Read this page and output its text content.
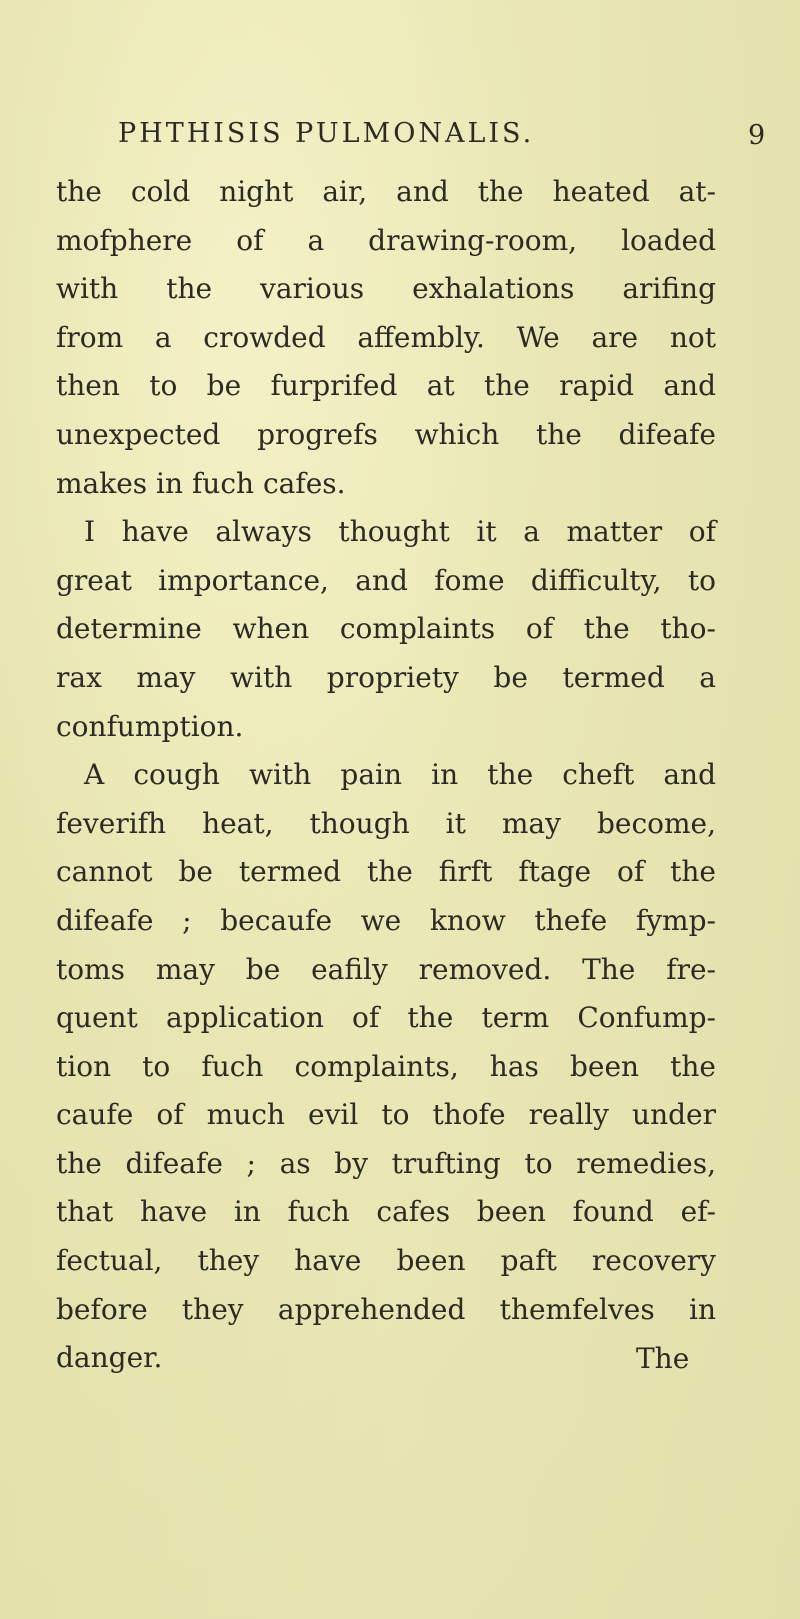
PHTHISIS PULMONALIS.	9
the cold night air, and the heated at-
mofphere of a drawing-room, loaded
with the various exhalations arifing
from a crowded affembly. We are not
then to be furprifed at the rapid and
unexpected progrefs which the difeafe
makes in fuch cafes.
I have always thought it a matter of
great importance, and fome difficulty, to
determine when complaints of the tho-
rax may with propriety be termed a
confumption.
A cough with pain in the cheft and
feverifh heat, though it may become,
cannot be termed the firft ftage of the
difeafe ; becaufe we know thefe fymp-
toms may be eafily removed. The fre-
quent application of the term Confump-
tion to fuch complaints, has been the
caufe of much evil to thofe really under
the difeafe ; as by trufting to remedies,
that have in fuch cafes been found ef-
fectual, they have been paft recovery
before they apprehended themfelves in
danger.	The
